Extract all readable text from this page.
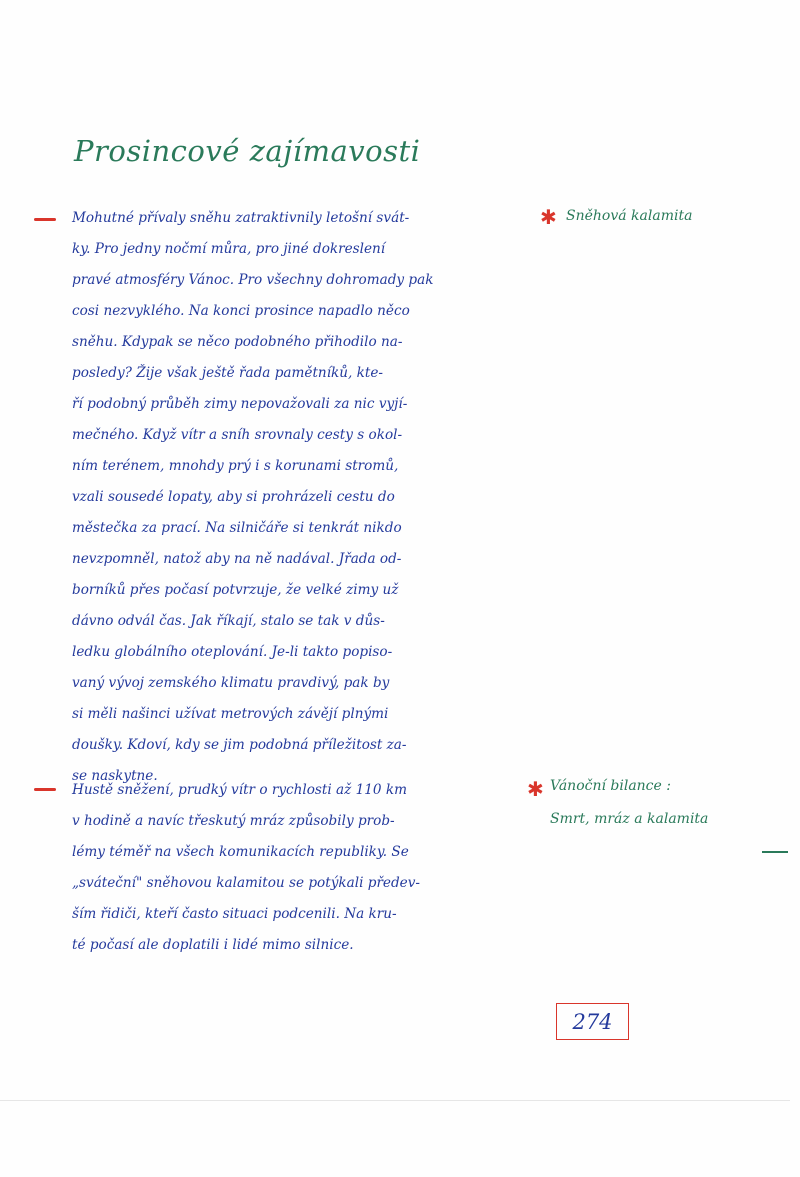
Prosincové zajímavosti
Mohutné přívaly sněhu zatraktivnily letošní svát-
ky. Pro jedny nočmí můra, pro jiné dokreslení
pravé atmosféry Vánoc. Pro všechny dohromady pak
cosi nezvyklého. Na konci prosince napadlo něco
sněhu. Kdypak se něco podobného přihodilo na-
posledy? Žije však ještě řada pamětníků, kte-
ří podobný průběh zimy nepovažovali za nic vyjí-
mečného. Když vítr a sníh srovnaly cesty s okol-
ním terénem, mnohdy prý i s korunami stromů,
vzali sousedé lopaty, aby si prohrázeli cestu do
městečka za prací. Na silničáře si tenkrát nikdo
nevzpomněl, natož aby na ně nadával. Jřada od-
borníků přes počasí potvrzuje, že velké zimy už
dávno odvál čas. Jak říkají, stalo se tak v důs-
ledku globálního oteplování. Je-li takto popiso-
vaný vývoj zemského klimatu pravdivý, pak by
si měli našinci užívat metrových závějí plnými
doušky. Kdoví, kdy se jim podobná příležitost za-
se naskytne.
✱ Sněhová kalamita
Hustě sněžení, prudký vítr o rychlosti až 110 km
v hodině a navíc třeskutý mráz způsobily prob-
lémy téměř na všech komunikacích republiky. Se
„sváteční" sněhovou kalamitou se potýkali předev-
ším řidiči, kteří často situaci podcenili. Na kru-
té počasí ale doplatili i lidé mimo silnice.
✱ Vánoční bilance :
Smrt, mráz a kalamita
274
